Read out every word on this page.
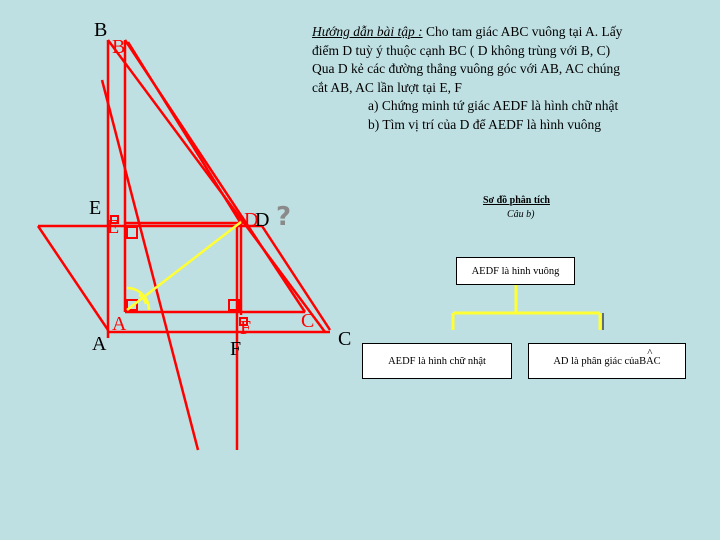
B
B
E
E	D
D
A
A	F
F
C
C
?
Hướng dẫn bài tập : Cho tam giác ABC vuông tại A. Lấy
điểm D tuỳ ý thuộc cạnh BC ( D không trùng với B, C)
Qua D kẻ các đường thẳng vuông góc với AB, AC chúng
cắt AB, AC lần lượt tại E, F
a) Chứng minh tứ giác AEDF là hình chữ nhật
b) Tìm vị trí của D để AEDF là hình vuông
Sơ đồ phân tích
Câu b)
AEDF là hình vuông
AEDF là hình chữ nhật	AD là phân giác của
^
BAC
